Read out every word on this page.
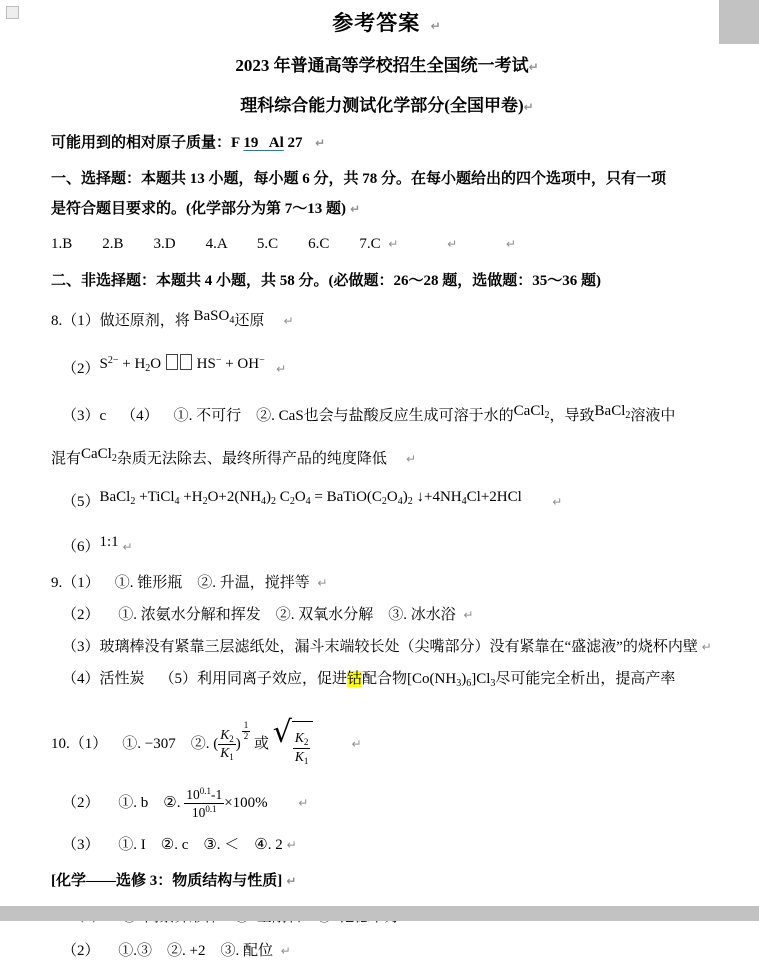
参考答案  ↵
2023 年普通高等学校招生全国统一考试↵
理科综合能力测试化学部分(全国甲卷)↵
可能用到的相对原子质量：F 19   Al 27   ↵
一、选择题：本题共 13 小题，每小题 6 分，共 78 分。在每小题给出的四个选项中，只有一项
是符合题目要求的。(化学部分为第 7～13 题) ↵
1.B        2.B        3.D        4.A        5.C        6.C        7.C  ↵	↵	↵
二、非选择题：本题共 4 小题，共 58 分。(必做题：26～28 题，选做题：35～36 题)
8.（1）做还原剂，将 BaSO$_4$还原     ↵
$(2)S^{2-} + H_2O$  HS− + OH−   ↵
（3）c    （4）    ①. 不可行    ②. CaS也会与盐酸反应生成可溶于水的CaCl$_2$，导致BaCl$_2$溶液中
混有CaCl$_2$杂质无法除去、最终所得产品的纯度降低     ↵
（5）BaCl$_2$ +TiCl$_4$ $+H_2O+2(NH_4)_2$ $C_2O_4$ = $BaTiO(C_2O_4)_2$ $↓+4NH_4Cl+2HCl$        ↵
（6）1:1 ↵
9.（1）    ①. 锥形瓶    ②. 升温，搅拌等  ↵
（2）     ①. 浓氨水分解和挥发    ②. 双氧水分解    ③. 冰水浴  ↵
（3）玻璃棒没有紧靠三层滤纸处，漏斗末端较长处（尖嘴部分）没有紧靠在“盛滤液”的烧杯内壁 ↵
（4）活性炭    （5）利用同离子效应，促进钴配合物$[Co(NH_3)_6]Cl_3$尽可能完全析出，提高产率
10.（1）    ①. −307    ②. ( $\frac{K_2}{K_1}$ )
$\frac{1}{2}$
或 √ $\frac{K_2}{K_1}$ ↵
（2）     ①. b    ②. $\frac{10^{0.1}-1}{10^{0.1}} \times 100\%$        ↵
（3）     ①. I    ②. c    ③. ＜    ④. 2 ↵
[化学——选修 3：物质结构与性质] ↵
（2）     ①.③    ②. +2    ③. 配位  ↵
